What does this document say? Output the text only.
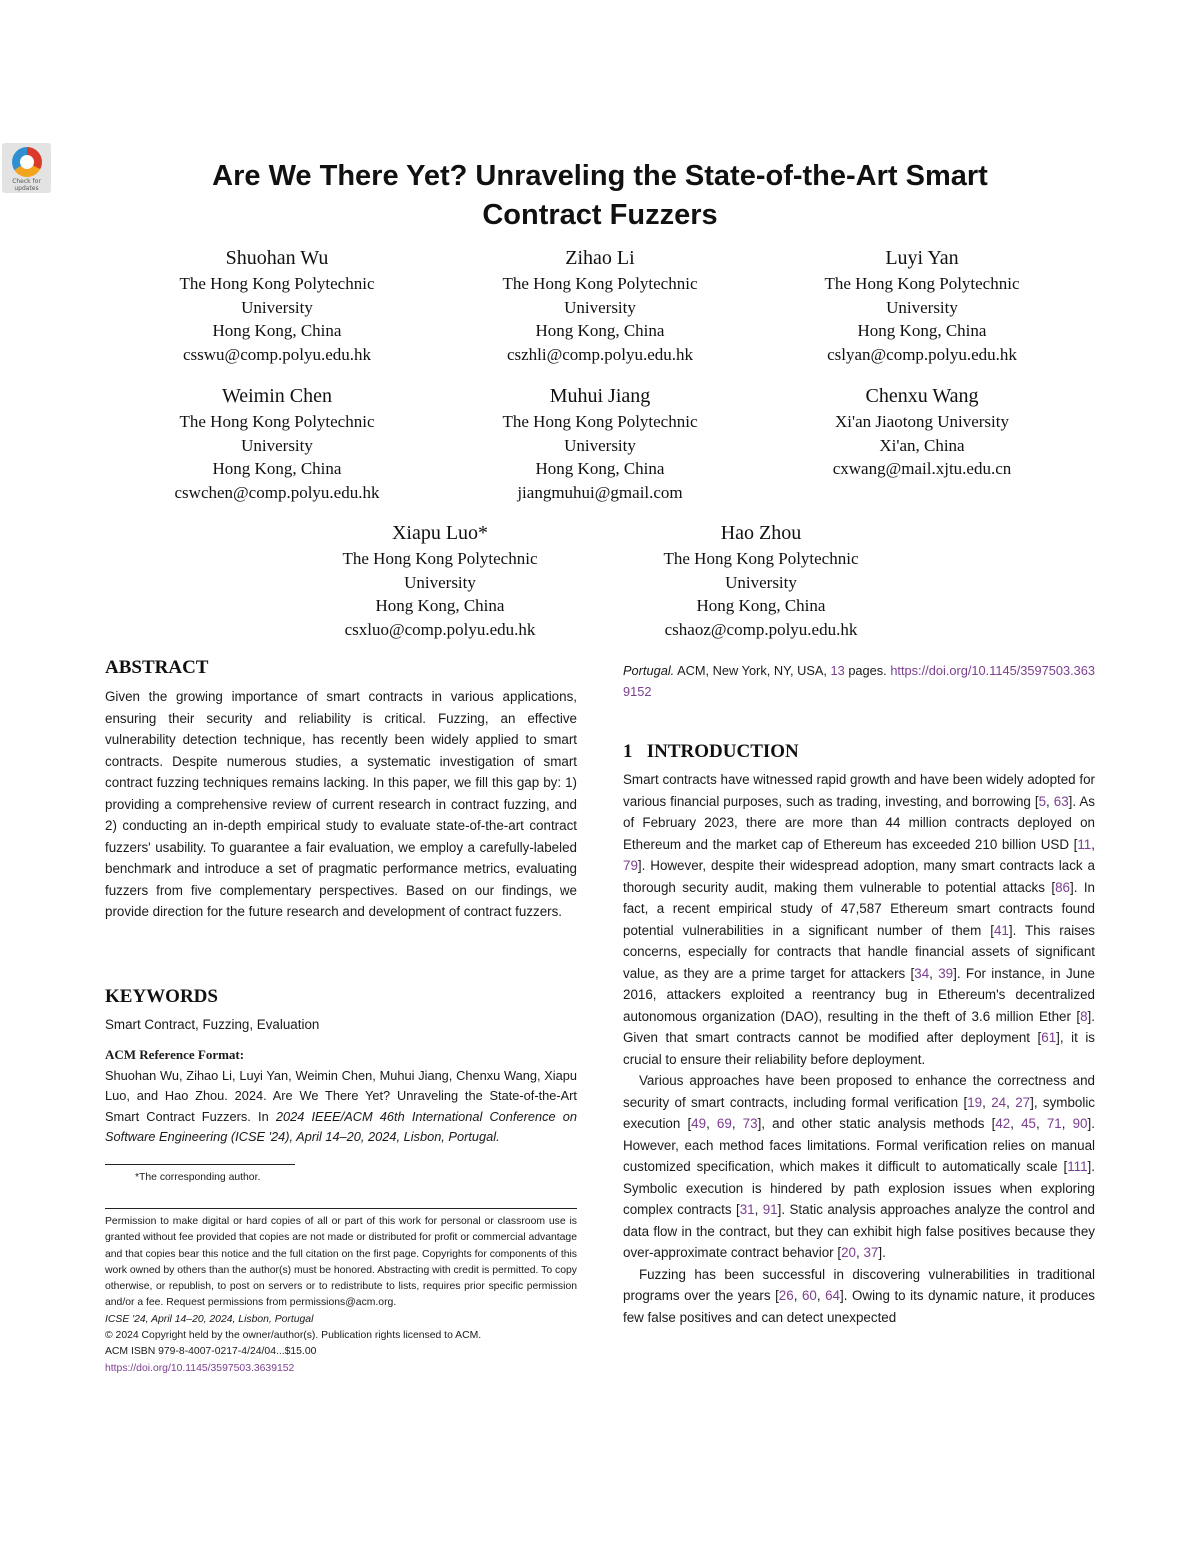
Check for updates	Are We There Yet? Unraveling the State-of-the-Art Smart
Contract Fuzzers
Shuohan Wu
The Hong Kong Polytechnic
University
Hong Kong, China
csswu@comp.polyu.edu.hk
Zihao Li
The Hong Kong Polytechnic
University
Hong Kong, China
cszhli@comp.polyu.edu.hk
Luyi Yan
The Hong Kong Polytechnic
University
Hong Kong, China
cslyan@comp.polyu.edu.hk
Weimin Chen
The Hong Kong Polytechnic
University
Hong Kong, China
cswchen@comp.polyu.edu.hk
Muhui Jiang
The Hong Kong Polytechnic
University
Hong Kong, China
jiangmuhui@gmail.com
Chenxu Wang
Xi'an Jiaotong University
Xi'an, China
cxwang@mail.xjtu.edu.cn
Xiapu Luo*
The Hong Kong Polytechnic
University
Hong Kong, China
csxluo@comp.polyu.edu.hk
Hao Zhou
The Hong Kong Polytechnic
University
Hong Kong, China
cshaoz@comp.polyu.edu.hk
ABSTRACT

Given the growing importance of smart contracts in various applications, ensuring their security and reliability is critical. Fuzzing, an effective vulnerability detection technique, has recently been widely applied to smart contracts. Despite numerous studies, a systematic investigation of smart contract fuzzing techniques remains lacking. In this paper, we fill this gap by: 1) providing a comprehensive review of current research in contract fuzzing, and 2) conducting an in-depth empirical study to evaluate state-of-the-art contract fuzzers' usability. To guarantee a fair evaluation, we employ a carefully-labeled benchmark and introduce a set of pragmatic performance metrics, evaluating fuzzers from five complementary perspectives. Based on our findings, we provide direction for the future research and development of contract fuzzers.

KEYWORDS

Smart Contract, Fuzzing, Evaluation

ACM Reference Format:

Shuohan Wu, Zihao Li, Luyi Yan, Weimin Chen, Muhui Jiang, Chenxu Wang, Xiapu Luo, and Hao Zhou. 2024. Are We There Yet? Unraveling the State-of-the-Art Smart Contract Fuzzers. In 2024 IEEE/ACM 46th International Conference on Software Engineering (ICSE '24), April 14–20, 2024, Lisbon, Portugal.

*The corresponding author.

Permission to make digital or hard copies of all or part of this work for personal or classroom use is granted without fee provided that copies are not made or distributed for profit or commercial advantage and that copies bear this notice and the full citation on the first page. Copyrights for components of this work owned by others than the author(s) must be honored. Abstracting with credit is permitted. To copy otherwise, or republish, to post on servers or to redistribute to lists, requires prior specific permission and/or a fee. Request permissions from permissions@acm.org.

ICSE '24, April 14–20, 2024, Lisbon, Portugal

© 2024 Copyright held by the owner/author(s). Publication rights licensed to ACM.

ACM ISBN 979-8-4007-0217-4/24/04...$15.00

https://doi.org/10.1145/3597503.3639152

Portugal. ACM, New York, NY, USA, 13 pages. https://doi.org/10.1145/3597503.3639152

1 INTRODUCTION

Smart contracts have witnessed rapid growth and have been widely adopted for various financial purposes, such as trading, investing, and borrowing [5, 63]. As of February 2023, there are more than 44 million contracts deployed on Ethereum and the market cap of Ethereum has exceeded 210 billion USD [11, 79]. However, despite their widespread adoption, many smart contracts lack a thorough security audit, making them vulnerable to potential attacks [86]. In fact, a recent empirical study of 47,587 Ethereum smart contracts found potential vulnerabilities in a significant number of them [41]. This raises concerns, especially for contracts that handle financial assets of significant value, as they are a prime target for attackers [34, 39]. For instance, in June 2016, attackers exploited a reentrancy bug in Ethereum's decentralized autonomous organization (DAO), resulting in the theft of 3.6 million Ether [8]. Given that smart contracts cannot be modified after deployment [61], it is crucial to ensure their reliability before deployment.

Various approaches have been proposed to enhance the correctness and security of smart contracts, including formal verification [19, 24, 27], symbolic execution [49, 69, 73], and other static analysis methods [42, 45, 71, 90]. However, each method faces limitations. Formal verification relies on manual customized specification, which makes it difficult to automatically scale [111]. Symbolic execution is hindered by path explosion issues when exploring complex contracts [31, 91]. Static analysis approaches analyze the control and data flow in the contract, but they can exhibit high false positives because they over-approximate contract behavior [20, 37].

Fuzzing has been successful in discovering vulnerabilities in traditional programs over the years [26, 60, 64]. Owing to its dynamic nature, it produces few false positives and can detect unexpected
